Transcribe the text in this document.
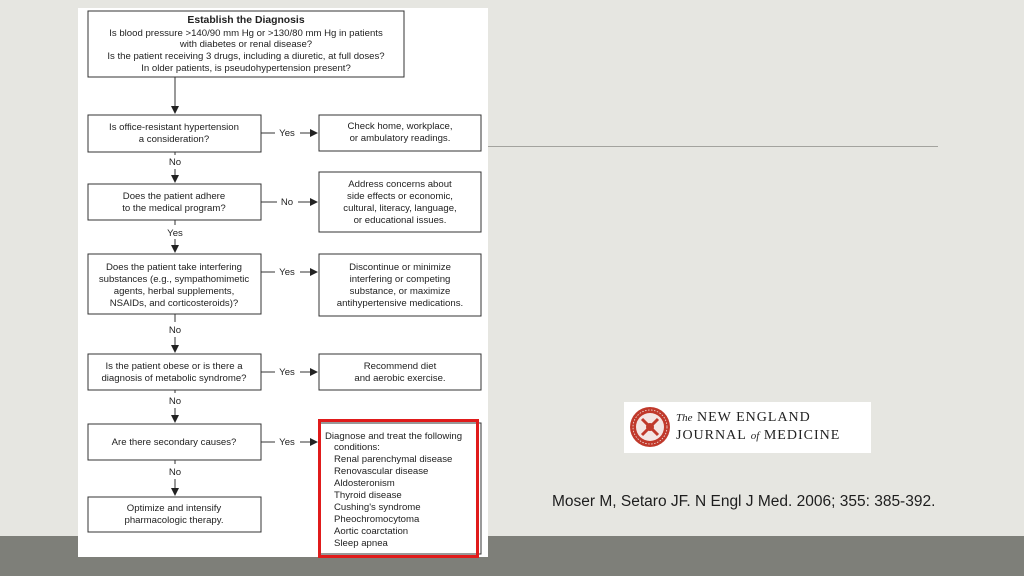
Establish the Diagnosis
Is blood pressure >140/90 mm Hg or >130/80 mm Hg in patients
with diabetes or renal disease?
Is the patient receiving 3 drugs, including a diuretic, at full doses?
In older patients, is pseudohypertension present?
Is office-resistant hypertension
a consideration?
Yes
Check home, workplace,
or ambulatory readings.
No
Does the patient adhere
to the medical program?
No
Address concerns about
side effects or economic,
cultural, literacy, language,
or educational issues.
Yes
Does the patient take interfering
substances (e.g., sympathomimetic
agents, herbal supplements,
NSAIDs, and corticosteroids)?
Yes	Discontinue or minimize
interfering or competing
substance, or maximize
antihypertensive medications.
No
Is the patient obese or is there a
diagnosis of metabolic syndrome?
Yes
Recommend diet
and aerobic exercise.
No
Are there secondary causes?	Yes
Diagnose and treat the following
conditions:
Renal parenchymal disease
Renovascular disease
Aldosteronism
Thyroid disease
Cushing's syndrome
Pheochromocytoma
Aortic coarctation
Sleep apnea
No
Optimize and intensify
pharmacologic therapy.
The NEW ENGLAND
JOURNAL of MEDICINE
Moser M, Setaro JF. N Engl J Med. 2006; 355: 385-392.
